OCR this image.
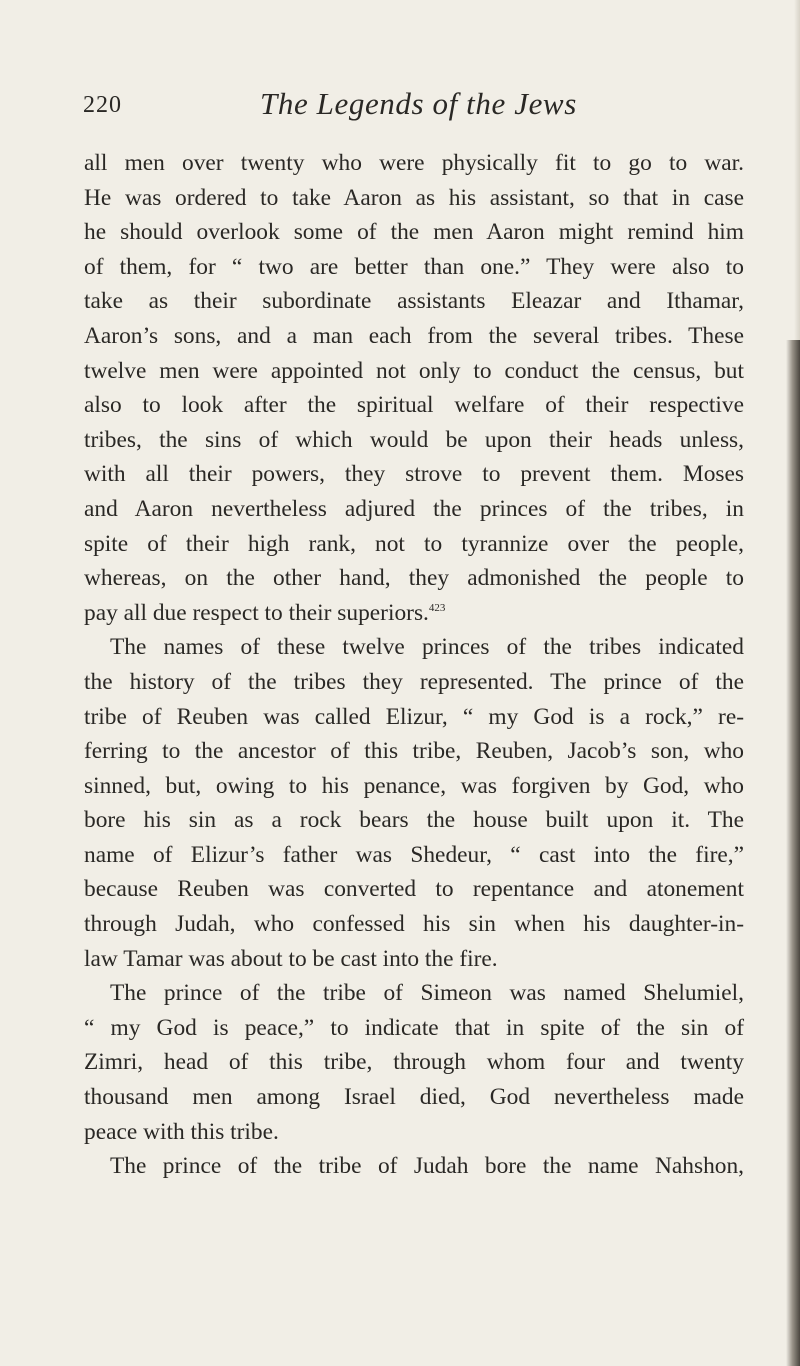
220	The Legends of the Jews
all men over twenty who were physically fit to go to war.
He was ordered to take Aaron as his assistant, so that in case
he should overlook some of the men Aaron might remind him
of them, for “ two are better than one.” They were also to
take as their subordinate assistants Eleazar and Ithamar,
Aaron’s sons, and a man each from the several tribes. These
twelve men were appointed not only to conduct the census, but
also to look after the spiritual welfare of their respective
tribes, the sins of which would be upon their heads unless,
with all their powers, they strove to prevent them. Moses
and Aaron nevertheless adjured the princes of the tribes, in
spite of their high rank, not to tyrannize over the people,
whereas, on the other hand, they admonished the people to
pay all due respect to their superiors.$^{423}$
The names of these twelve princes of the tribes indicated
the history of the tribes they represented. The prince of the
tribe of Reuben was called Elizur, “ my God is a rock,” re-
ferring to the ancestor of this tribe, Reuben, Jacob’s son, who
sinned, but, owing to his penance, was forgiven by God, who
bore his sin as a rock bears the house built upon it. The
name of Elizur’s father was Shedeur, “ cast into the fire,”
because Reuben was converted to repentance and atonement
through Judah, who confessed his sin when his daughter-in-
law Tamar was about to be cast into the fire.
The prince of the tribe of Simeon was named Shelumiel,
“ my God is peace,” to indicate that in spite of the sin of
Zimri, head of this tribe, through whom four and twenty
thousand men among Israel died, God nevertheless made
peace with this tribe.
The prince of the tribe of Judah bore the name Nahshon,
